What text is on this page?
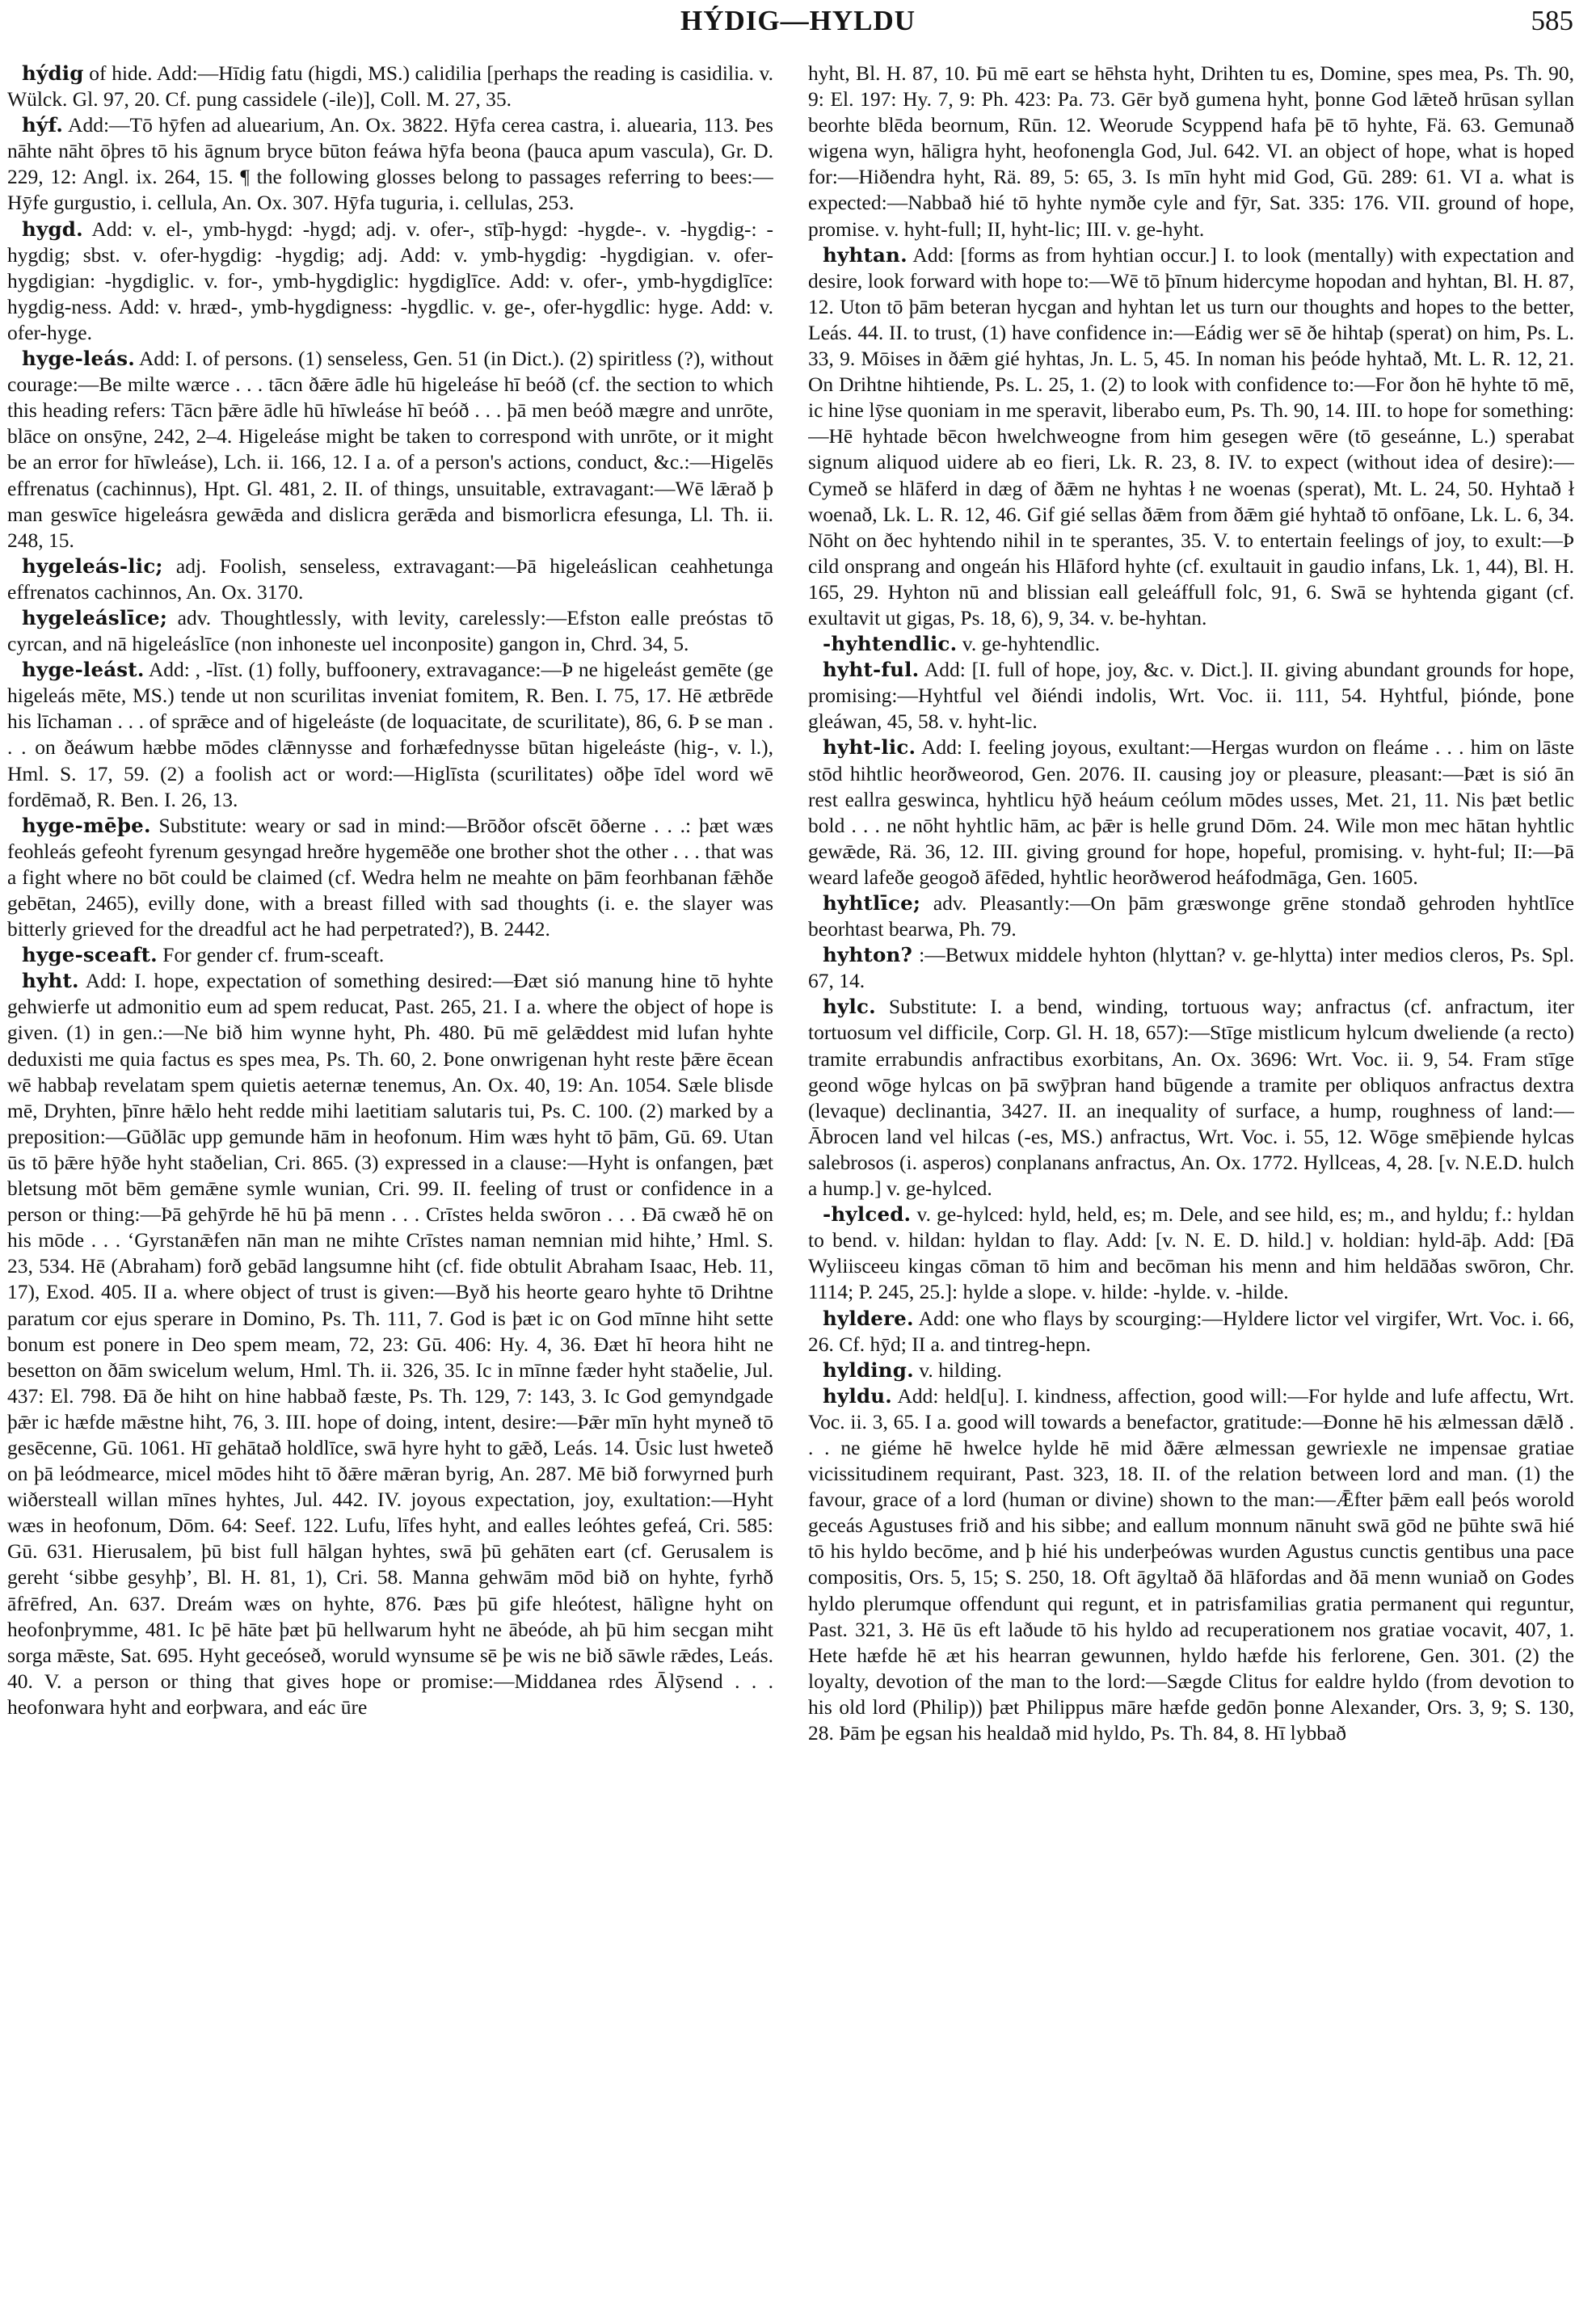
HÝDIG—HYLDU	585

hýdig of hide. Add:—Hīdig fatu (higdi, MS.) calidilia [perhaps the reading is casidilia. v. Wülck. Gl. 97, 20. Cf. pung cassidele (-ile)], Coll. M. 27, 35.

hýf. Add:—Tō hȳfen ad aluearium, An. Ox. 3822. Hȳfa cerea castra, i. aluearia, 113. Þes nāhte nāht ōþres tō his āgnum bryce būton feáwa hȳfa beona (þauca apum vascula), Gr. D. 229, 12: Angl. ix. 264, 15. ¶ the following glosses belong to passages referring to bees:—Hȳfe gurgustio, i. cellula, An. Ox. 307. Hȳfa tuguria, i. cellulas, 253.

hygd. Add: v. el-, ymb-hygd: -hygd; adj. v. ofer-, stīþ-hygd: -hygde-. v. -hygdig-: -hygdig; sbst. v. ofer-hygdig: -hygdig; adj. Add: v. ymb-hygdig: -hygdigian. v. ofer-hygdigian: -hygdiglic. v. for-, ymb-hygdiglic: hygdiglīce. Add: v. ofer-, ymb-hygdiglīce: hygdig-ness. Add: v. hræd-, ymb-hygdigness: -hygdlic. v. ge-, ofer-hygdlic: hyge. Add: v. ofer-hyge.

hyge-leás. Add: I. of persons. (1) senseless, Gen. 51 (in Dict.). (2) spiritless (?), without courage:—Be milte wærce . . . tācn ðǣre ādle hū higeleáse hī beóð (cf. the section to which this heading refers: Tācn þǣre ādle hū hīwleáse hī beóð . . . þā men beóð mægre and unrōte, blāce on onsȳne, 242, 2–4. Higeleáse might be taken to correspond with unrōte, or it might be an error for hīwleáse), Lch. ii. 166, 12. I a. of a person's actions, conduct, &c.:—Higelēs effrenatus (cachinnus), Hpt. Gl. 481, 2. II. of things, unsuitable, extravagant:—Wē lǣrað þ man geswīce higeleásra gewǣda and dislicra gerǣda and bismorlicra efesunga, Ll. Th. ii. 248, 15.

hygeleás-lic; adj. Foolish, senseless, extravagant:—Þā higeleáslican ceahhetunga effrenatos cachinnos, An. Ox. 3170.

hygeleáslīce; adv. Thoughtlessly, with levity, carelessly:—Efston ealle preóstas tō cyrcan, and nā higeleáslīce (non inhoneste uel inconposite) gangon in, Chrd. 34, 5.

hyge-leást. Add: , -līst. (1) folly, buffoonery, extravagance:—Þ ne higeleást gemēte (ge higeleás mēte, MS.) tende ut non scurilitas inveniat fomitem, R. Ben. I. 75, 17. Hē ætbrēde his līchaman . . . of sprǣce and of higeleáste (de loquacitate, de scurilitate), 86, 6. Þ se man . . . on ðeáwum hæbbe mōdes clǣnnysse and forhæfednysse būtan higeleáste (hig-, v. l.), Hml. S. 17, 59. (2) a foolish act or word:—Higlīsta (scurilitates) oðþe īdel word wē fordēmað, R. Ben. I. 26, 13.

hyge-mēþe. Substitute: weary or sad in mind:—Brōðor ofscēt ōðerne . . .: þæt wæs feohleás gefeoht fyrenum gesyngad hreðre hygemēðe one brother shot the other . . . that was a fight where no bōt could be claimed (cf. Wedra helm ne meahte on þām feorhbanan fǣhðe gebētan, 2465), evilly done, with a breast filled with sad thoughts (i. e. the slayer was bitterly grieved for the dreadful act he had perpetrated?), B. 2442.

hyge-sceaft. For gender cf. frum-sceaft.

hyht. Add: I. hope, expectation of something desired:—Ðæt sió manung hine tō hyhte gehwierfe ut admonitio eum ad spem reducat, Past. 265, 21. I a. where the object of hope is given. (1) in gen.:—Ne bið him wynne hyht, Ph. 480. Þū mē gelǣddest mid lufan hyhte deduxisti me quia factus es spes mea, Ps. Th. 60, 2. Þone onwrigenan hyht reste þǣre ēcean wē habbaþ revelatam spem quietis aeternæ tenemus, An. Ox. 40, 19: An. 1054. Sæle blisde mē, Dryhten, þīnre hǣlo heht redde mihi laetitiam salutaris tui, Ps. C. 100. (2) marked by a preposition:—Gūðlāc upp gemunde hām in heofonum. Him wæs hyht tō þām, Gū. 69. Utan ūs tō þǣre hȳðe hyht staðelian, Cri. 865. (3) expressed in a clause:—Hyht is onfangen, þæt bletsung mōt bēm gemǣne symle wunian, Cri. 99. II. feeling of trust or confidence in a person or thing:—Þā gehȳrde hē hū þā menn . . . Crīstes helda swōron . . . Ðā cwæð hē on his mōde . . . ‘Gyrstanǣfen nān man ne mihte Crīstes naman nemnian mid hihte,’ Hml. S. 23, 534. Hē (Abraham) forð gebād langsumne hiht (cf. fide obtulit Abraham Isaac, Heb. 11, 17), Exod. 405. II a. where object of trust is given:—Byð his heorte gearo hyhte tō Drihtne paratum cor ejus sperare in Domino, Ps. Th. 111, 7. God is þæt ic on God mīnne hiht sette bonum est ponere in Deo spem meam, 72, 23: Gū. 406: Hy. 4, 36. Ðæt hī heora hiht ne besetton on ðām swicelum welum, Hml. Th. ii. 326, 35. Ic in mīnne fæder hyht staðelie, Jul. 437: El. 798. Ðā ðe hiht on hine habbað fæste, Ps. Th. 129, 7: 143, 3. Ic God gemyndgade þǣr ic hæfde mǣstne hiht, 76, 3. III. hope of doing, intent, desire:—Þǣr mīn hyht myneð tō gesēcenne, Gū. 1061. Hī gehātað holdlīce, swā hyre hyht to gǣð, Leás. 14. Ūsic lust hweteð on þā leódmearce, micel mōdes hiht tō ðǣre mǣran byrig, An. 287. Mē bið forwyrned þurh wiðersteall willan mīnes hyhtes, Jul. 442. IV. joyous expectation, joy, exultation:—Hyht wæs in heofonum, Dōm. 64: Seef. 122. Lufu, līfes hyht, and ealles leóhtes gefeá, Cri. 585: Gū. 631. Hierusalem, þū bist full hālgan hyhtes, swā þū gehāten eart (cf. Gerusalem is gereht ‘sibbe gesyhþ’, Bl. H. 81, 1), Cri. 58. Manna gehwām mōd bið on hyhte, fyrhð āfrēfred, An. 637. Dreám wæs on hyhte, 876. Þæs þū gife hleótest, hālìgne hyht on heofonþrymme, 481. Ic þē hāte þæt þū hellwarum hyht ne ābeóde, ah þū him secgan miht sorga mǣste, Sat. 695. Hyht geceóseð, woruld wynsume sē þe wis ne bið sāwle rǣdes, Leás. 40. V. a person or thing that gives hope or promise:—Middanea rdes Ālȳsend . . . heofonwara hyht and eorþwara, and eác ūre

hyht, Bl. H. 87, 10. Þū mē eart se hēhsta hyht, Drihten tu es, Domine, spes mea, Ps. Th. 90, 9: El. 197: Hy. 7, 9: Ph. 423: Pa. 73. Gēr byð gumena hyht, þonne God lǣteð hrūsan syllan beorhte blēda beornum, Rūn. 12. Weorude Scyppend hafa þē tō hyhte, Fä. 63. Gemunað wigena wyn, hāligra hyht, heofonengla God, Jul. 642. VI. an object of hope, what is hoped for:—Hiðendra hyht, Rä. 89, 5: 65, 3. Is mīn hyht mid God, Gū. 289: 61. VI a. what is expected:—Nabbað hié tō hyhte nymðe cyle and fȳr, Sat. 335: 176. VII. ground of hope, promise. v. hyht-full; II, hyht-lic; III. v. ge-hyht.

hyhtan. Add: [forms as from hyhtian occur.] I. to look (mentally) with expectation and desire, look forward with hope to:—Wē tō þīnum hidercyme hopodan and hyhtan, Bl. H. 87, 12. Uton tō þām beteran hycgan and hyhtan let us turn our thoughts and hopes to the better, Leás. 44. II. to trust, (1) have confidence in:—Eádig wer sē ðe hihtaþ (sperat) on him, Ps. L. 33, 9. Mōises in ðǣm gié hyhtas, Jn. L. 5, 45. In noman his þeóde hyhtað, Mt. L. R. 12, 21. On Drihtne hihtiende, Ps. L. 25, 1. (2) to look with confidence to:—For ðon hē hyhte tō mē, ic hine lȳse quoniam in me speravit, liberabo eum, Ps. Th. 90, 14. III. to hope for something:—Hē hyhtade bēcon hwelchweogne from him gesegen wēre (tō geseánne, L.) sperabat signum aliquod uidere ab eo fieri, Lk. R. 23, 8. IV. to expect (without idea of desire):—Cymeð se hlāferd in dæg of ðǣm ne hyhtas ł ne woenas (sperat), Mt. L. 24, 50. Hyhtað ł woenað, Lk. L. R. 12, 46. Gif gié sellas ðǣm from ðǣm gié hyhtað tō onfōane, Lk. L. 6, 34. Nōht on ðec hyhtendo nihil in te sperantes, 35. V. to entertain feelings of joy, to exult:—Þ cild onsprang and ongeán his Hlāford hyhte (cf. exultauit in gaudio infans, Lk. 1, 44), Bl. H. 165, 29. Hyhton nū and blissian eall geleáffull folc, 91, 6. Swā se hyhtenda gigant (cf. exultavit ut gigas, Ps. 18, 6), 9, 34. v. be-hyhtan.

-hyhtendlic. v. ge-hyhtendlic.

hyht-ful. Add: [I. full of hope, joy, &c. v. Dict.]. II. giving abundant grounds for hope, promising:—Hyhtful vel ðiéndi indolis, Wrt. Voc. ii. 111, 54. Hyhtful, þiónde, þone gleáwan, 45, 58. v. hyht-lic.

hyht-lic. Add: I. feeling joyous, exultant:—Hergas wurdon on fleáme . . . him on lāste stōd hihtlic heorðweorod, Gen. 2076. II. causing joy or pleasure, pleasant:—Þæt is sió ān rest eallra geswinca, hyhtlicu hȳð heáum ceólum mōdes usses, Met. 21, 11. Nis þæt betlic bold . . . ne nōht hyhtlic hām, ac þǣr is helle grund Dōm. 24. Wile mon mec hātan hyhtlic gewǣde, Rä. 36, 12. III. giving ground for hope, hopeful, promising. v. hyht-ful; II:—Þā weard lafeðe geogoð āfēded, hyhtlic heorðwerod heáfodmāga, Gen. 1605.

hyhtlīce; adv. Pleasantly:—On þām græswonge grēne stondað gehroden hyhtlīce beorhtast bearwa, Ph. 79.

hyhton? :—Betwux middele hyhton (hlyttan? v. ge-hlytta) inter medios cleros, Ps. Spl. 67, 14.

hylc. Substitute: I. a bend, winding, tortuous way; anfractus (cf. anfractum, iter tortuosum vel difficile, Corp. Gl. H. 18, 657):—Stīge mistlicum hylcum dweliende (a recto) tramite errabundis anfractibus exorbitans, An. Ox. 3696: Wrt. Voc. ii. 9, 54. Fram stīge geond wōge hylcas on þā swȳþran hand būgende a tramite per obliquos anfractus dextra (levaque) declinantia, 3427. II. an inequality of surface, a hump, roughness of land:—Ābrocen land vel hilcas (-es, MS.) anfractus, Wrt. Voc. i. 55, 12. Wōge smēþiende hylcas salebrosos (i. asperos) conplanans anfractus, An. Ox. 1772. Hyllceas, 4, 28. [v. N.E.D. hulch a hump.] v. ge-hylced.

-hylced. v. ge-hylced: hyld, held, es; m. Dele, and see hild, es; m., and hyldu; f.: hyldan to bend. v. hildan: hyldan to flay. Add: [v. N. E. D. hild.] v. holdian: hyld-āþ. Add: [Ðā Wyliisceeu kingas cōman tō him and becōman his menn and him heldāðas swōron, Chr. 1114; P. 245, 25.]: hylde a slope. v. hilde: -hylde. v. -hilde.

hyldere. Add: one who flays by scourging:—Hyldere lictor vel virgifer, Wrt. Voc. i. 66, 26. Cf. hȳd; II a. and tintreg-hepn.

hylding. v. hilding.

hyldu. Add: held[u]. I. kindness, affection, good will:—For hylde and lufe affectu, Wrt. Voc. ii. 3, 65. I a. good will towards a benefactor, gratitude:—Ðonne hē his ælmessan dǣlð . . . ne giéme hē hwelce hylde hē mid ðǣre ælmessan gewriexle ne impensae gratiae vicissitudinem requirant, Past. 323, 18. II. of the relation between lord and man. (1) the favour, grace of a lord (human or divine) shown to the man:—Ǣfter þǣm eall þeós worold geceás Agustuses frið and his sibbe; and eallum monnum nānuht swā gōd ne þūhte swā hié tō his hyldo becōme, and þ hié his underþeówas wurden Agustus cunctis gentibus una pace compositis, Ors. 5, 15; S. 250, 18. Oft āgyltað ðā hlāfordas and ðā menn wuniað on Godes hyldo plerumque offendunt qui regunt, et in patrisfamilias gratia permanent qui reguntur, Past. 321, 3. Hē ūs eft laðude tō his hyldo ad recuperationem nos gratiae vocavit, 407, 1. Hete hæfde hē æt his hearran gewunnen, hyldo hæfde his ferlorene, Gen. 301. (2) the loyalty, devotion of the man to the lord:—Sægde Clitus for ealdre hyldo (from devotion to his old lord (Philip)) þæt Philippus māre hæfde gedōn þonne Alexander, Ors. 3, 9; S. 130, 28. Þām þe egsan his healdað mid hyldo, Ps. Th. 84, 8. Hī lybbað
